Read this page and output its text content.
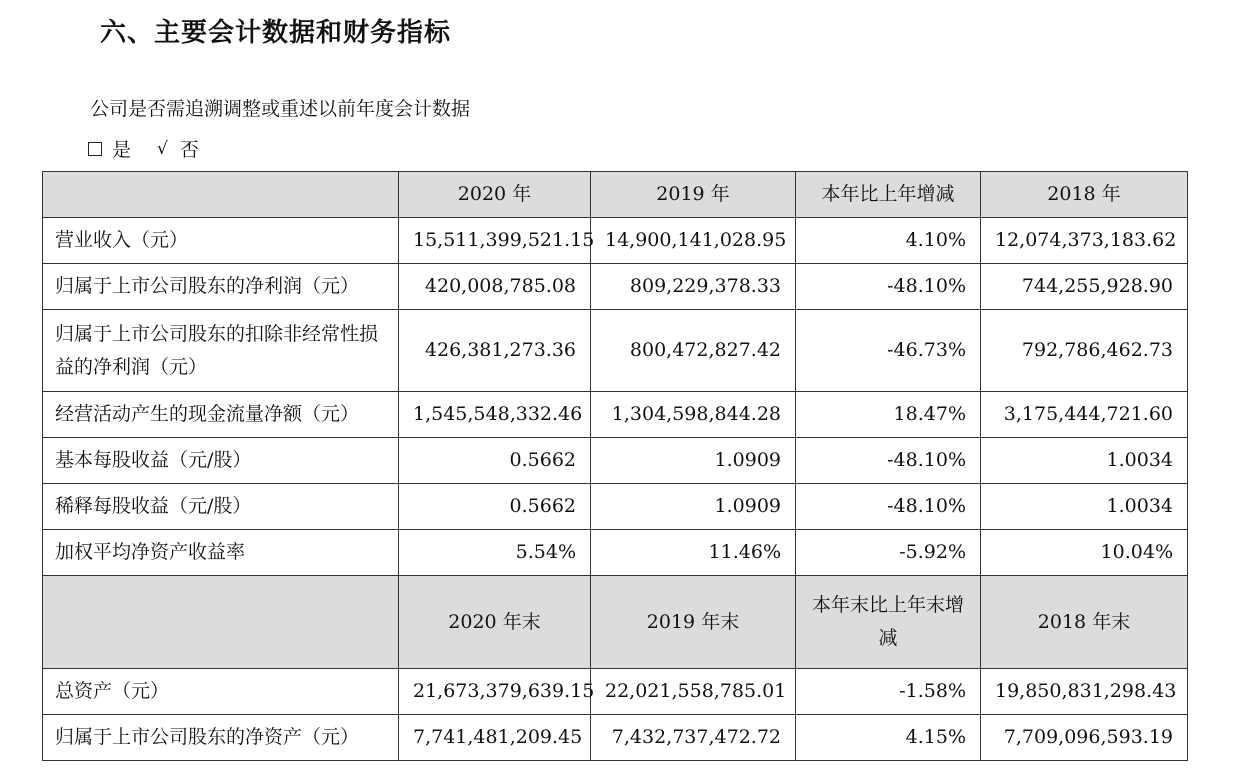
六、主要会计数据和财务指标
公司是否需追溯调整或重述以前年度会计数据
是 √ 否
	2020 年	2019 年	本年比上年增减	2018 年
营业收入（元）	15,511,399,521.15	14,900,141,028.95	4.10%	12,074,373,183.62
归属于上市公司股东的净利润（元）	420,008,785.08	809,229,378.33	-48.10%	744,255,928.90
归属于上市公司股东的扣除非经常性损益的净利润（元）	426,381,273.36	800,472,827.42	-46.73%	792,786,462.73
经营活动产生的现金流量净额（元）	1,545,548,332.46	1,304,598,844.28	18.47%	3,175,444,721.60
基本每股收益（元/股）	0.5662	1.0909	-48.10%	1.0034
稀释每股收益（元/股）	0.5662	1.0909	-48.10%	1.0034
加权平均净资产收益率	5.54%	11.46%	-5.92%	10.04%
	2020 年末	2019 年末	本年末比上年末增减	2018 年末
总资产（元）	21,673,379,639.15	22,021,558,785.01	-1.58%	19,850,831,298.43
归属于上市公司股东的净资产（元）	7,741,481,209.45	7,432,737,472.72	4.15%	7,709,096,593.19
